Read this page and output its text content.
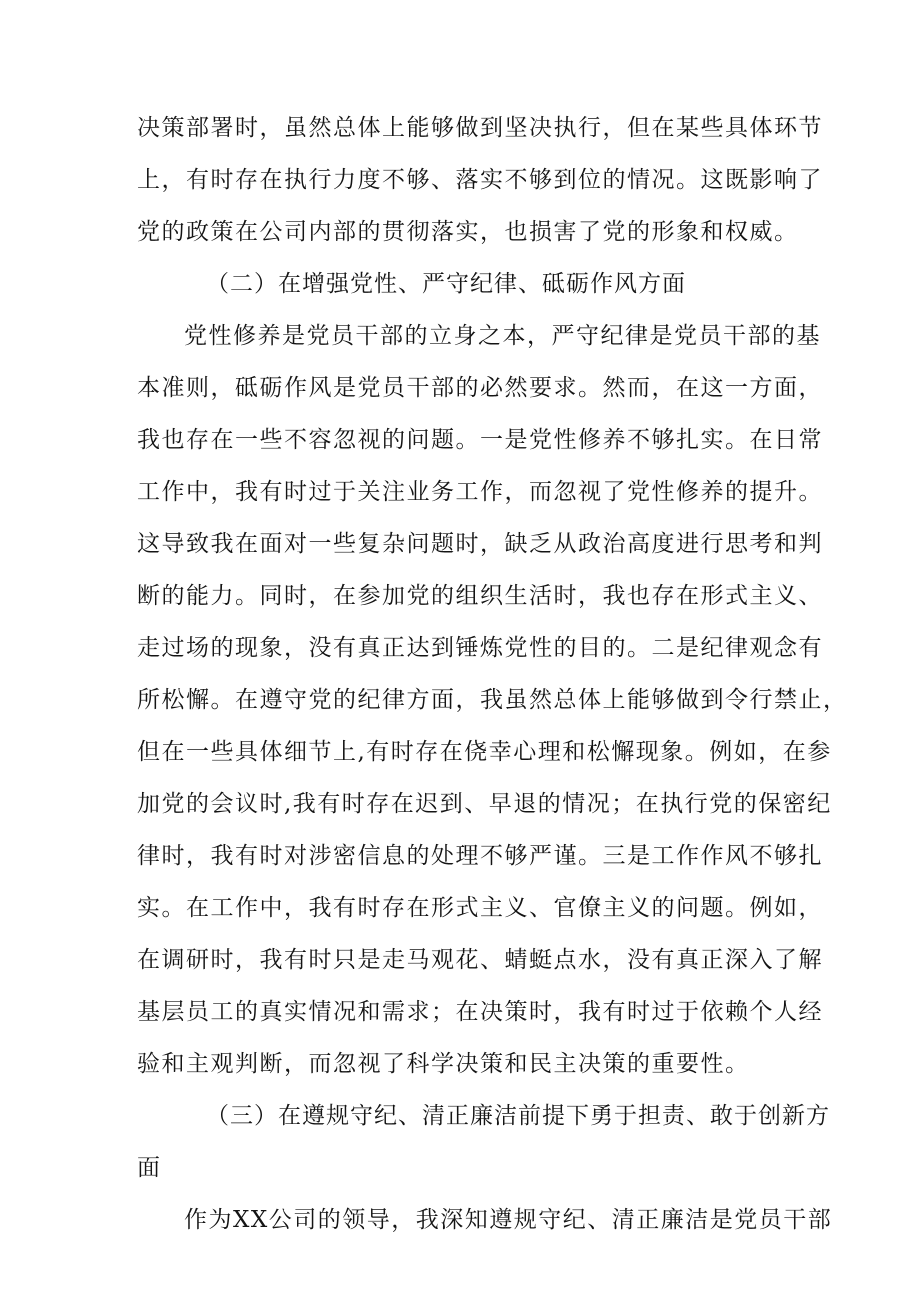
决策部署时，虽然总体上能够做到坚决执行，但在某些具体环节
上，有时存在执行力度不够、落实不够到位的情况。这既影响了
党的政策在公司内部的贯彻落实，也损害了党的形象和权威。
（二）在增强党性、严守纪律、砥砺作风方面
党性修养是党员干部的立身之本，严守纪律是党员干部的基
本准则，砥砺作风是党员干部的必然要求。然而，在这一方面，
我也存在一些不容忽视的问题。一是党性修养不够扎实。在日常
工作中，我有时过于关注业务工作，而忽视了党性修养的提升。
这导致我在面对一些复杂问题时，缺乏从政治高度进行思考和判
断的能力。同时，在参加党的组织生活时，我也存在形式主义、
走过场的现象，没有真正达到锤炼党性的目的。二是纪律观念有
所松懈。在遵守党的纪律方面，我虽然总体上能够做到令行禁止，
但在一些具体细节上,有时存在侥幸心理和松懈现象。例如，在参
加党的会议时,我有时存在迟到、早退的情况；在执行党的保密纪
律时，我有时对涉密信息的处理不够严谨。三是工作作风不够扎
实。在工作中，我有时存在形式主义、官僚主义的问题。例如，
在调研时，我有时只是走马观花、蜻蜓点水，没有真正深入了解
基层员工的真实情况和需求；在决策时，我有时过于依赖个人经
验和主观判断，而忽视了科学决策和民主决策的重要性。
（三）在遵规守纪、清正廉洁前提下勇于担责、敢于创新方
面
作为XX公司的领导，我深知遵规守纪、清正廉洁是党员干部
